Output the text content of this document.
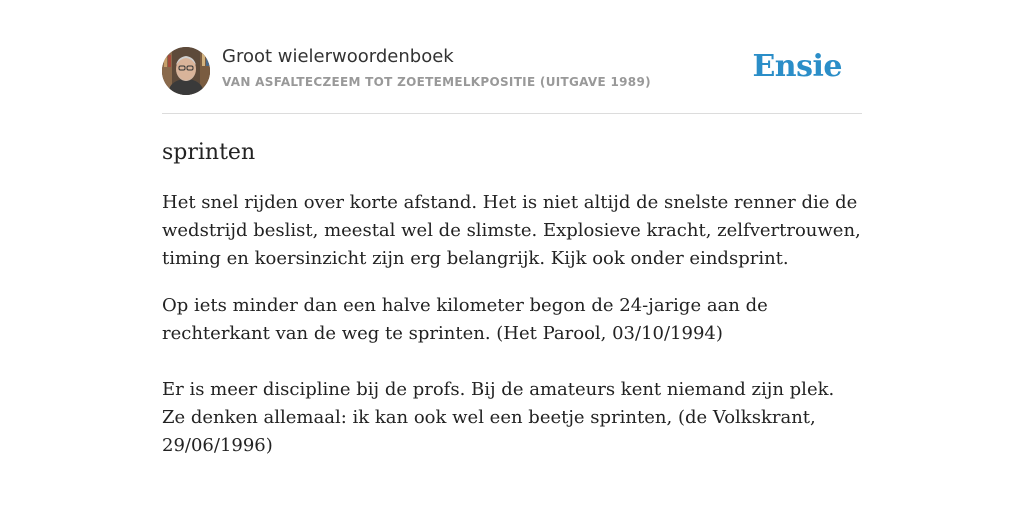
Groot wielerwoordenboek
VAN ASFALTECZEEM TOT ZOETEMELKPOSITIE (UITGAVE 1989)	Ensie
sprinten

Het snel rijden over korte afstand. Het is niet altijd de snelste renner die de wedstrijd beslist, meestal wel de slimste. Explosieve kracht, zelfvertrouwen, timing en koersinzicht zijn erg belangrijk. Kijk ook onder eindsprint.

Op iets minder dan een halve kilometer begon de 24-jarige aan de rechterkant van de weg te sprinten. (Het Parool, 03/10/1994)

Er is meer discipline bij de profs. Bij de amateurs kent niemand zijn plek. Ze denken allemaal: ik kan ook wel een beetje sprinten, (de Volkskrant, 29/06/1996)
